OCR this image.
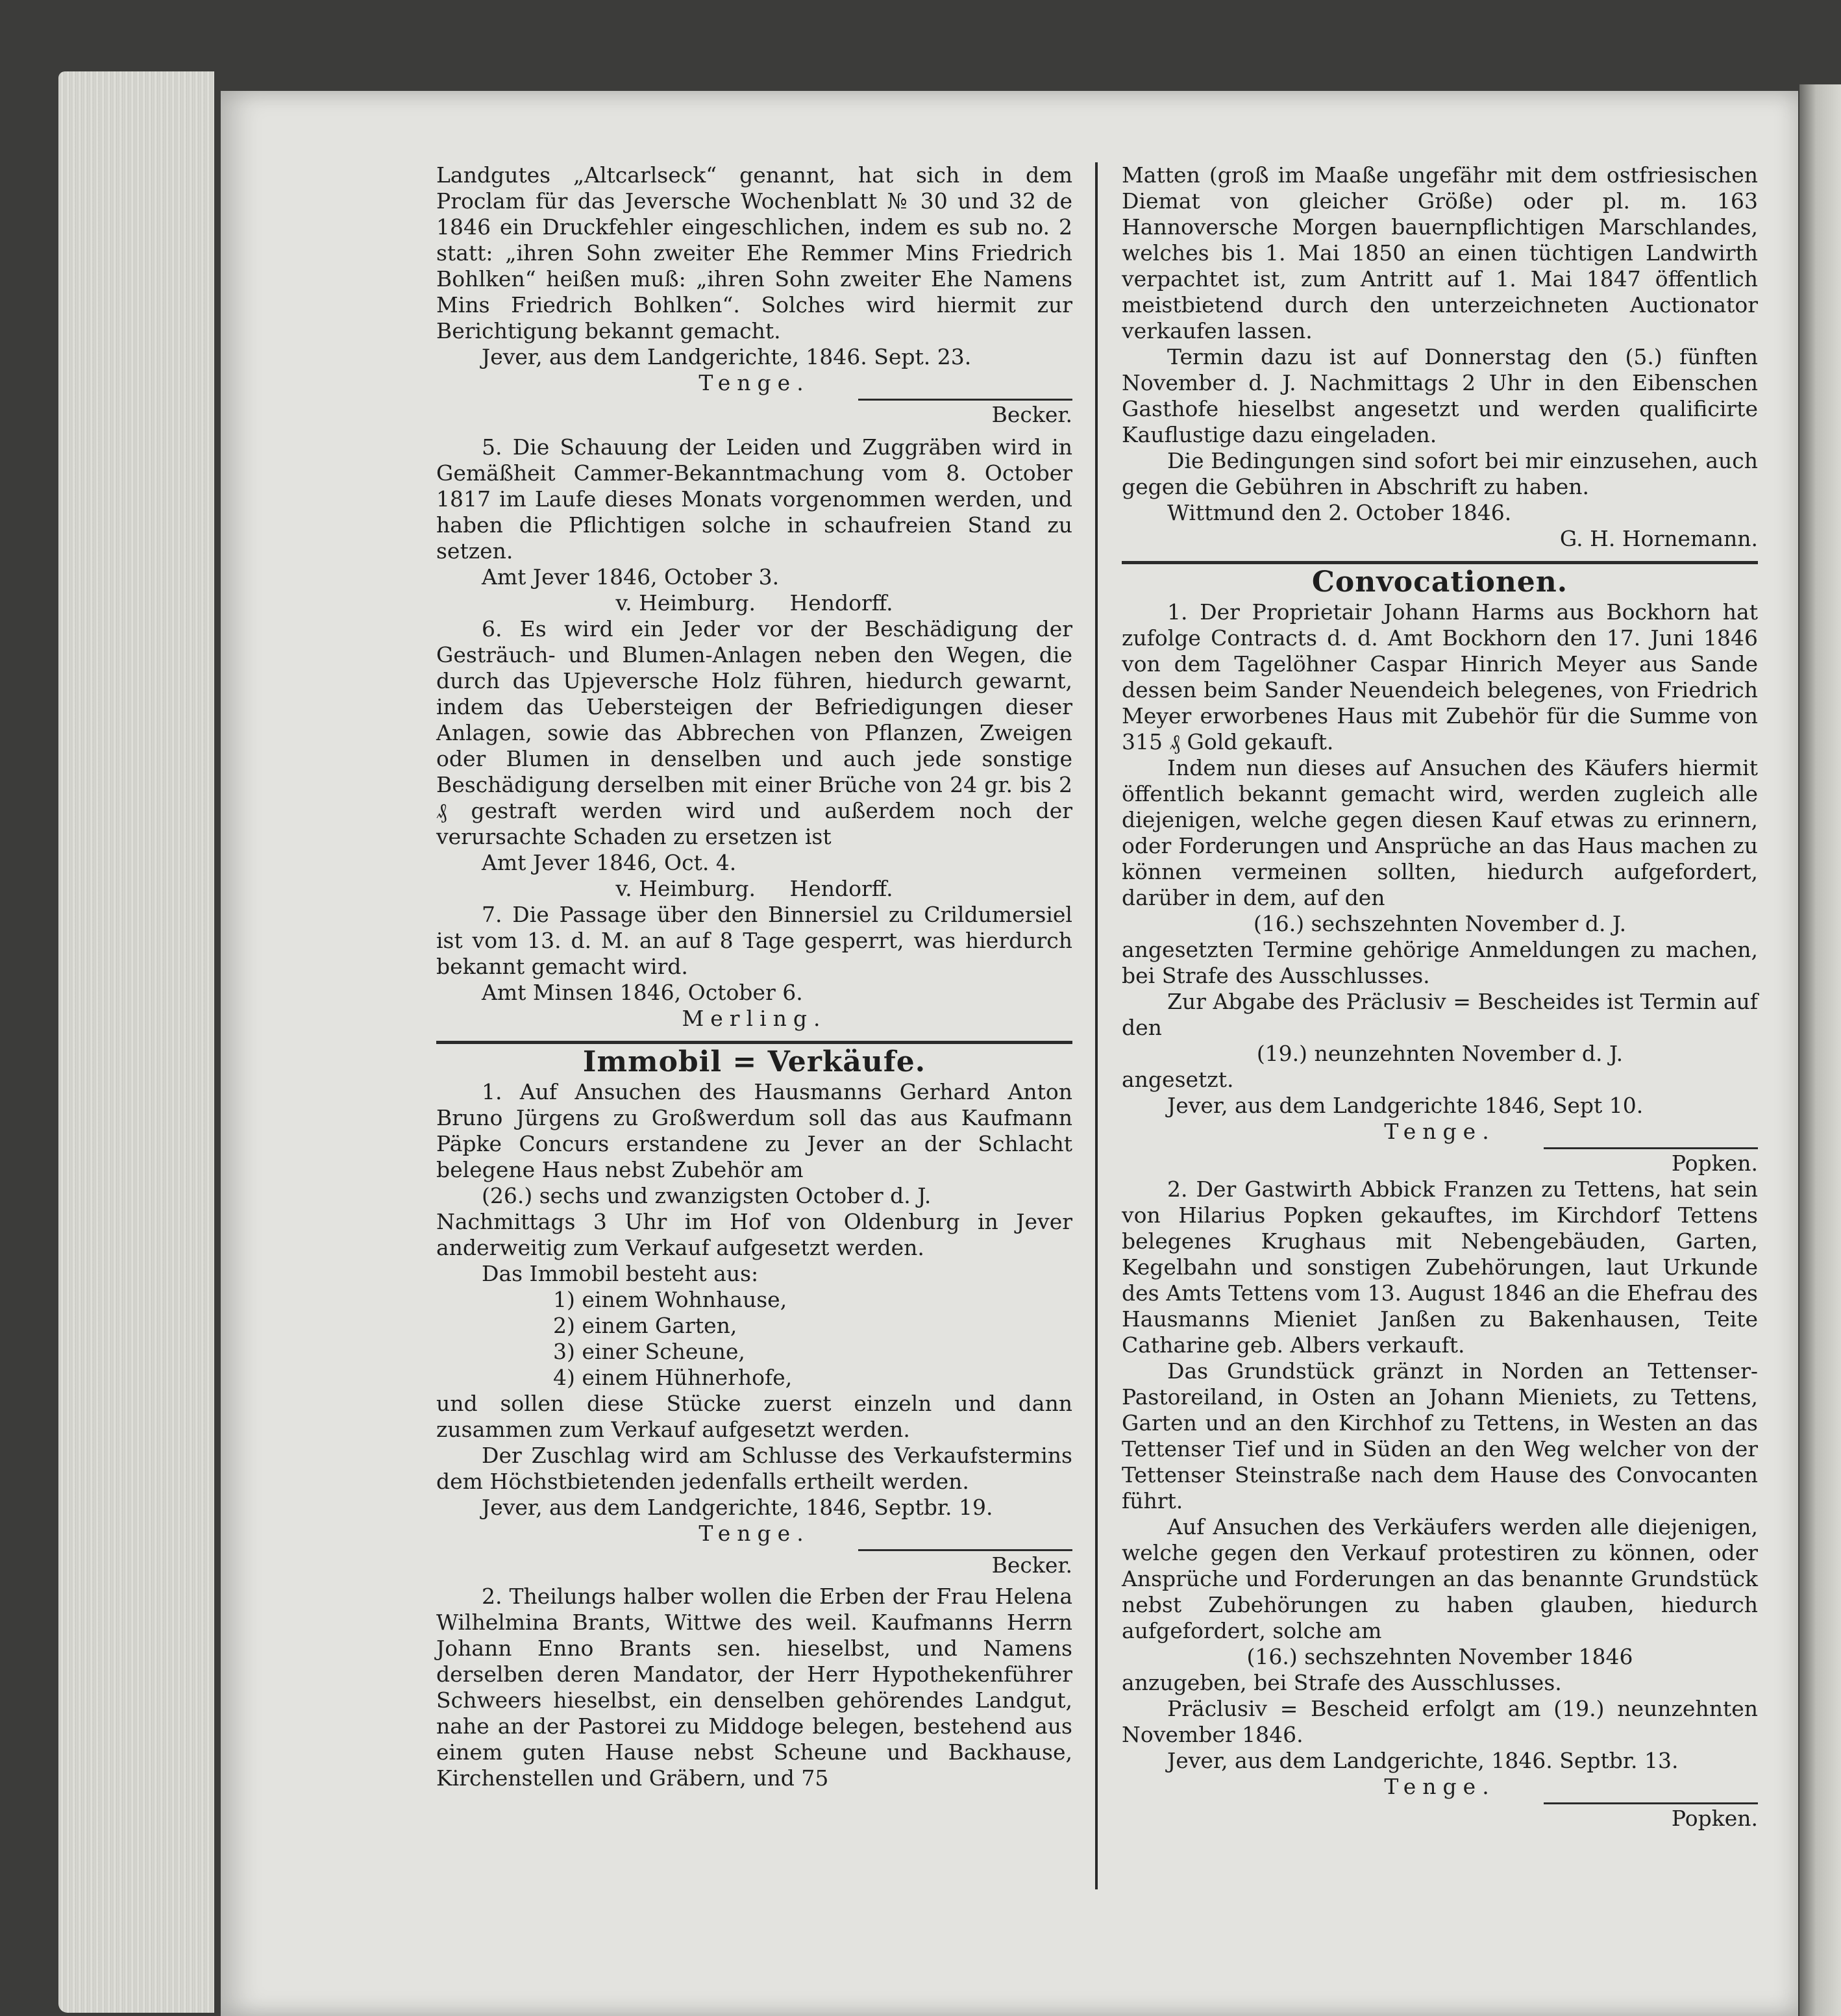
Landgutes „Altcarlseck“ genannt, hat sich in dem Proclam für das Jeversche Wochenblatt № 30 und 32 de 1846 ein Druckfehler eingeschlichen, indem es sub no. 2 statt: „ihren Sohn zweiter Ehe Remmer Mins Friedrich Bohlken“ heißen muß: „ihren Sohn zweiter Ehe Namens Mins Friedrich Bohlken“. Solches wird hiermit zur Berichtigung bekannt gemacht.

Jever, aus dem Landgerichte, 1846. Sept. 23.

Tenge.

Becker.

5. Die Schauung der Leiden und Zuggräben wird in Gemäßheit Cammer-Bekanntmachung vom 8. October 1817 im Laufe dieses Monats vorgenommen werden, und haben die Pflichtigen solche in schaufreien Stand zu setzen.

Amt Jever 1846, October 3.

v. Heimburg.     Hendorff.

6. Es wird ein Jeder vor der Beschädigung der Gesträuch- und Blumen-Anlagen neben den Wegen, die durch das Upjeversche Holz führen, hiedurch gewarnt, indem das Uebersteigen der Befriedigungen dieser Anlagen, sowie das Abbrechen von Pflanzen, Zweigen oder Blumen in denselben und auch jede sonstige Beschädigung derselben mit einer Brüche von 24 gr. bis 2 ₰ gestraft werden wird und außerdem noch der verursachte Schaden zu ersetzen ist

Amt Jever 1846, Oct. 4.

v. Heimburg.     Hendorff.

7. Die Passage über den Binnersiel zu Crildumersiel ist vom 13. d. M. an auf 8 Tage gesperrt, was hierdurch bekannt gemacht wird.

Amt Minsen 1846, October 6.

Merling.

Immobil = Verkäufe.

1. Auf Ansuchen des Hausmanns Gerhard Anton Bruno Jürgens zu Großwerdum soll das aus Kaufmann Päpke Concurs erstandene zu Jever an der Schlacht belegene Haus nebst Zubehör am

(26.) sechs und zwanzigsten October d. J.

Nachmittags 3 Uhr im Hof von Oldenburg in Jever anderweitig zum Verkauf aufgesetzt werden.

Das Immobil besteht aus:

1) einem Wohnhause,

2) einem Garten,

3) einer Scheune,

4) einem Hühnerhofe,

und sollen diese Stücke zuerst einzeln und dann zusammen zum Verkauf aufgesetzt werden.

Der Zuschlag wird am Schlusse des Verkaufstermins dem Höchstbietenden jedenfalls ertheilt werden.

Jever, aus dem Landgerichte, 1846, Septbr. 19.

Tenge.

Becker.

2. Theilungs halber wollen die Erben der Frau Helena Wilhelmina Brants, Wittwe des weil. Kaufmanns Herrn Johann Enno Brants sen. hieselbst, und Namens derselben deren Mandator, der Herr Hypothekenführer Schweers hieselbst, ein denselben gehörendes Landgut, nahe an der Pastorei zu Middoge belegen, bestehend aus einem guten Hause nebst Scheune und Backhause, Kirchenstellen und Gräbern, und 75

Matten (groß im Maaße ungefähr mit dem ostfriesischen Diemat von gleicher Größe) oder pl. m. 163 Hannoversche Morgen bauernpflichtigen Marschlandes, welches bis 1. Mai 1850 an einen tüchtigen Landwirth verpachtet ist, zum Antritt auf 1. Mai 1847 öffentlich meistbietend durch den unterzeichneten Auctionator verkaufen lassen.

Termin dazu ist auf Donnerstag den (5.) fünften November d. J. Nachmittags 2 Uhr in den Eibenschen Gasthofe hieselbst angesetzt und werden qualificirte Kauflustige dazu eingeladen.

Die Bedingungen sind sofort bei mir einzusehen, auch gegen die Gebühren in Abschrift zu haben.

Wittmund den 2. October 1846.

G. H. Hornemann.

Convocationen.

1. Der Proprietair Johann Harms aus Bockhorn hat zufolge Contracts d. d. Amt Bockhorn den 17. Juni 1846 von dem Tagelöhner Caspar Hinrich Meyer aus Sande dessen beim Sander Neuendeich belegenes, von Friedrich Meyer erworbenes Haus mit Zubehör für die Summe von 315 ₰ Gold gekauft.

Indem nun dieses auf Ansuchen des Käufers hiermit öffentlich bekannt gemacht wird, werden zugleich alle diejenigen, welche gegen diesen Kauf etwas zu erinnern, oder Forderungen und Ansprüche an das Haus machen zu können vermeinen sollten, hiedurch aufgefordert, darüber in dem, auf den

(16.) sechszehnten November d. J.

angesetzten Termine gehörige Anmeldungen zu machen, bei Strafe des Ausschlusses.

Zur Abgabe des Präclusiv = Bescheides ist Termin auf den

(19.) neunzehnten November d. J.

angesetzt.

Jever, aus dem Landgerichte 1846, Sept 10.

Tenge.

Popken.

2. Der Gastwirth Abbick Franzen zu Tettens, hat sein von Hilarius Popken gekauftes, im Kirchdorf Tettens belegenes Krughaus mit Nebengebäuden, Garten, Kegelbahn und sonstigen Zubehörungen, laut Urkunde des Amts Tettens vom 13. August 1846 an die Ehefrau des Hausmanns Mieniet Janßen zu Bakenhausen, Teite Catharine geb. Albers verkauft.

Das Grundstück gränzt in Norden an Tettenser-Pastoreiland, in Osten an Johann Mieniets, zu Tettens, Garten und an den Kirchhof zu Tettens, in Westen an das Tettenser Tief und in Süden an den Weg welcher von der Tettenser Steinstraße nach dem Hause des Convocanten führt.

Auf Ansuchen des Verkäufers werden alle diejenigen, welche gegen den Verkauf protestiren zu können, oder Ansprüche und Forderungen an das benannte Grundstück nebst Zubehörungen zu haben glauben, hiedurch aufgefordert, solche am

(16.) sechszehnten November 1846

anzugeben, bei Strafe des Ausschlusses.

Präclusiv = Bescheid erfolgt am (19.) neunzehnten November 1846.

Jever, aus dem Landgerichte, 1846. Septbr. 13.

Tenge.

Popken.
